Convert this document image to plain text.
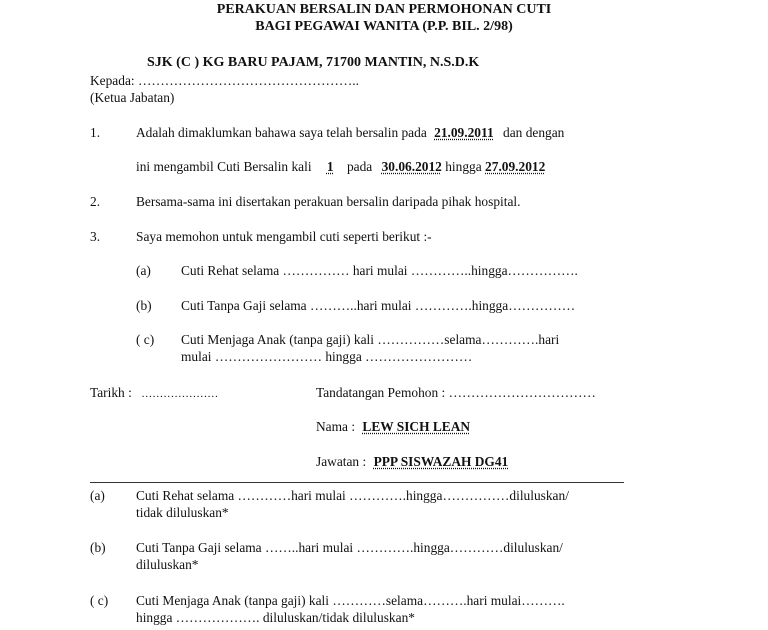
PERAKUAN BERSALIN DAN PERMOHONAN CUTI
BAGI PEGAWAI WANITA (P.P. BIL. 2/98)
SJK (C ) KG BARU PAJAM, 71700 MANTIN, N.S.D.K
Kepada: …………………………………………..
(Ketua Jabatan)
1.	Adalah dimaklumkan bahawa saya telah bersalin pada 21.09.2011 dan dengan
ini mengambil Cuti Bersalin kali 1 pada 30.06.2012 hingga 27.09.2012
2.	Bersama-sama ini disertakan perakuan bersalin daripada pihak hospital.
3.	Saya memohon untuk mengambil cuti seperti berikut :-
(a) Cuti Rehat selama …………… hari mulai …………..hingga…………….
(b) Cuti Tanpa Gaji selama ………..hari mulai ………….hingga……………
( c) Cuti Menjaga Anak (tanpa gaji) kali ……………selama………….hari
mulai …………………… hingga ……………………
Tarikh : …………………	Tandatangan Pemohon : ……………………………
Nama : LEW SICH LEAN
Jawatan : PPP SISWAZAH DG41
(a) Cuti Rehat selama …………hari mulai ………….hingga……………diluluskan/
tidak diluluskan*
(b) Cuti Tanpa Gaji selama ……..hari mulai ………….hingga…………diluluskan/
diluluskan*
( c) Cuti Menjaga Anak (tanpa gaji) kali …………selama……….hari mulai……….
hingga ………………. diluluskan/tidak diluluskan*
